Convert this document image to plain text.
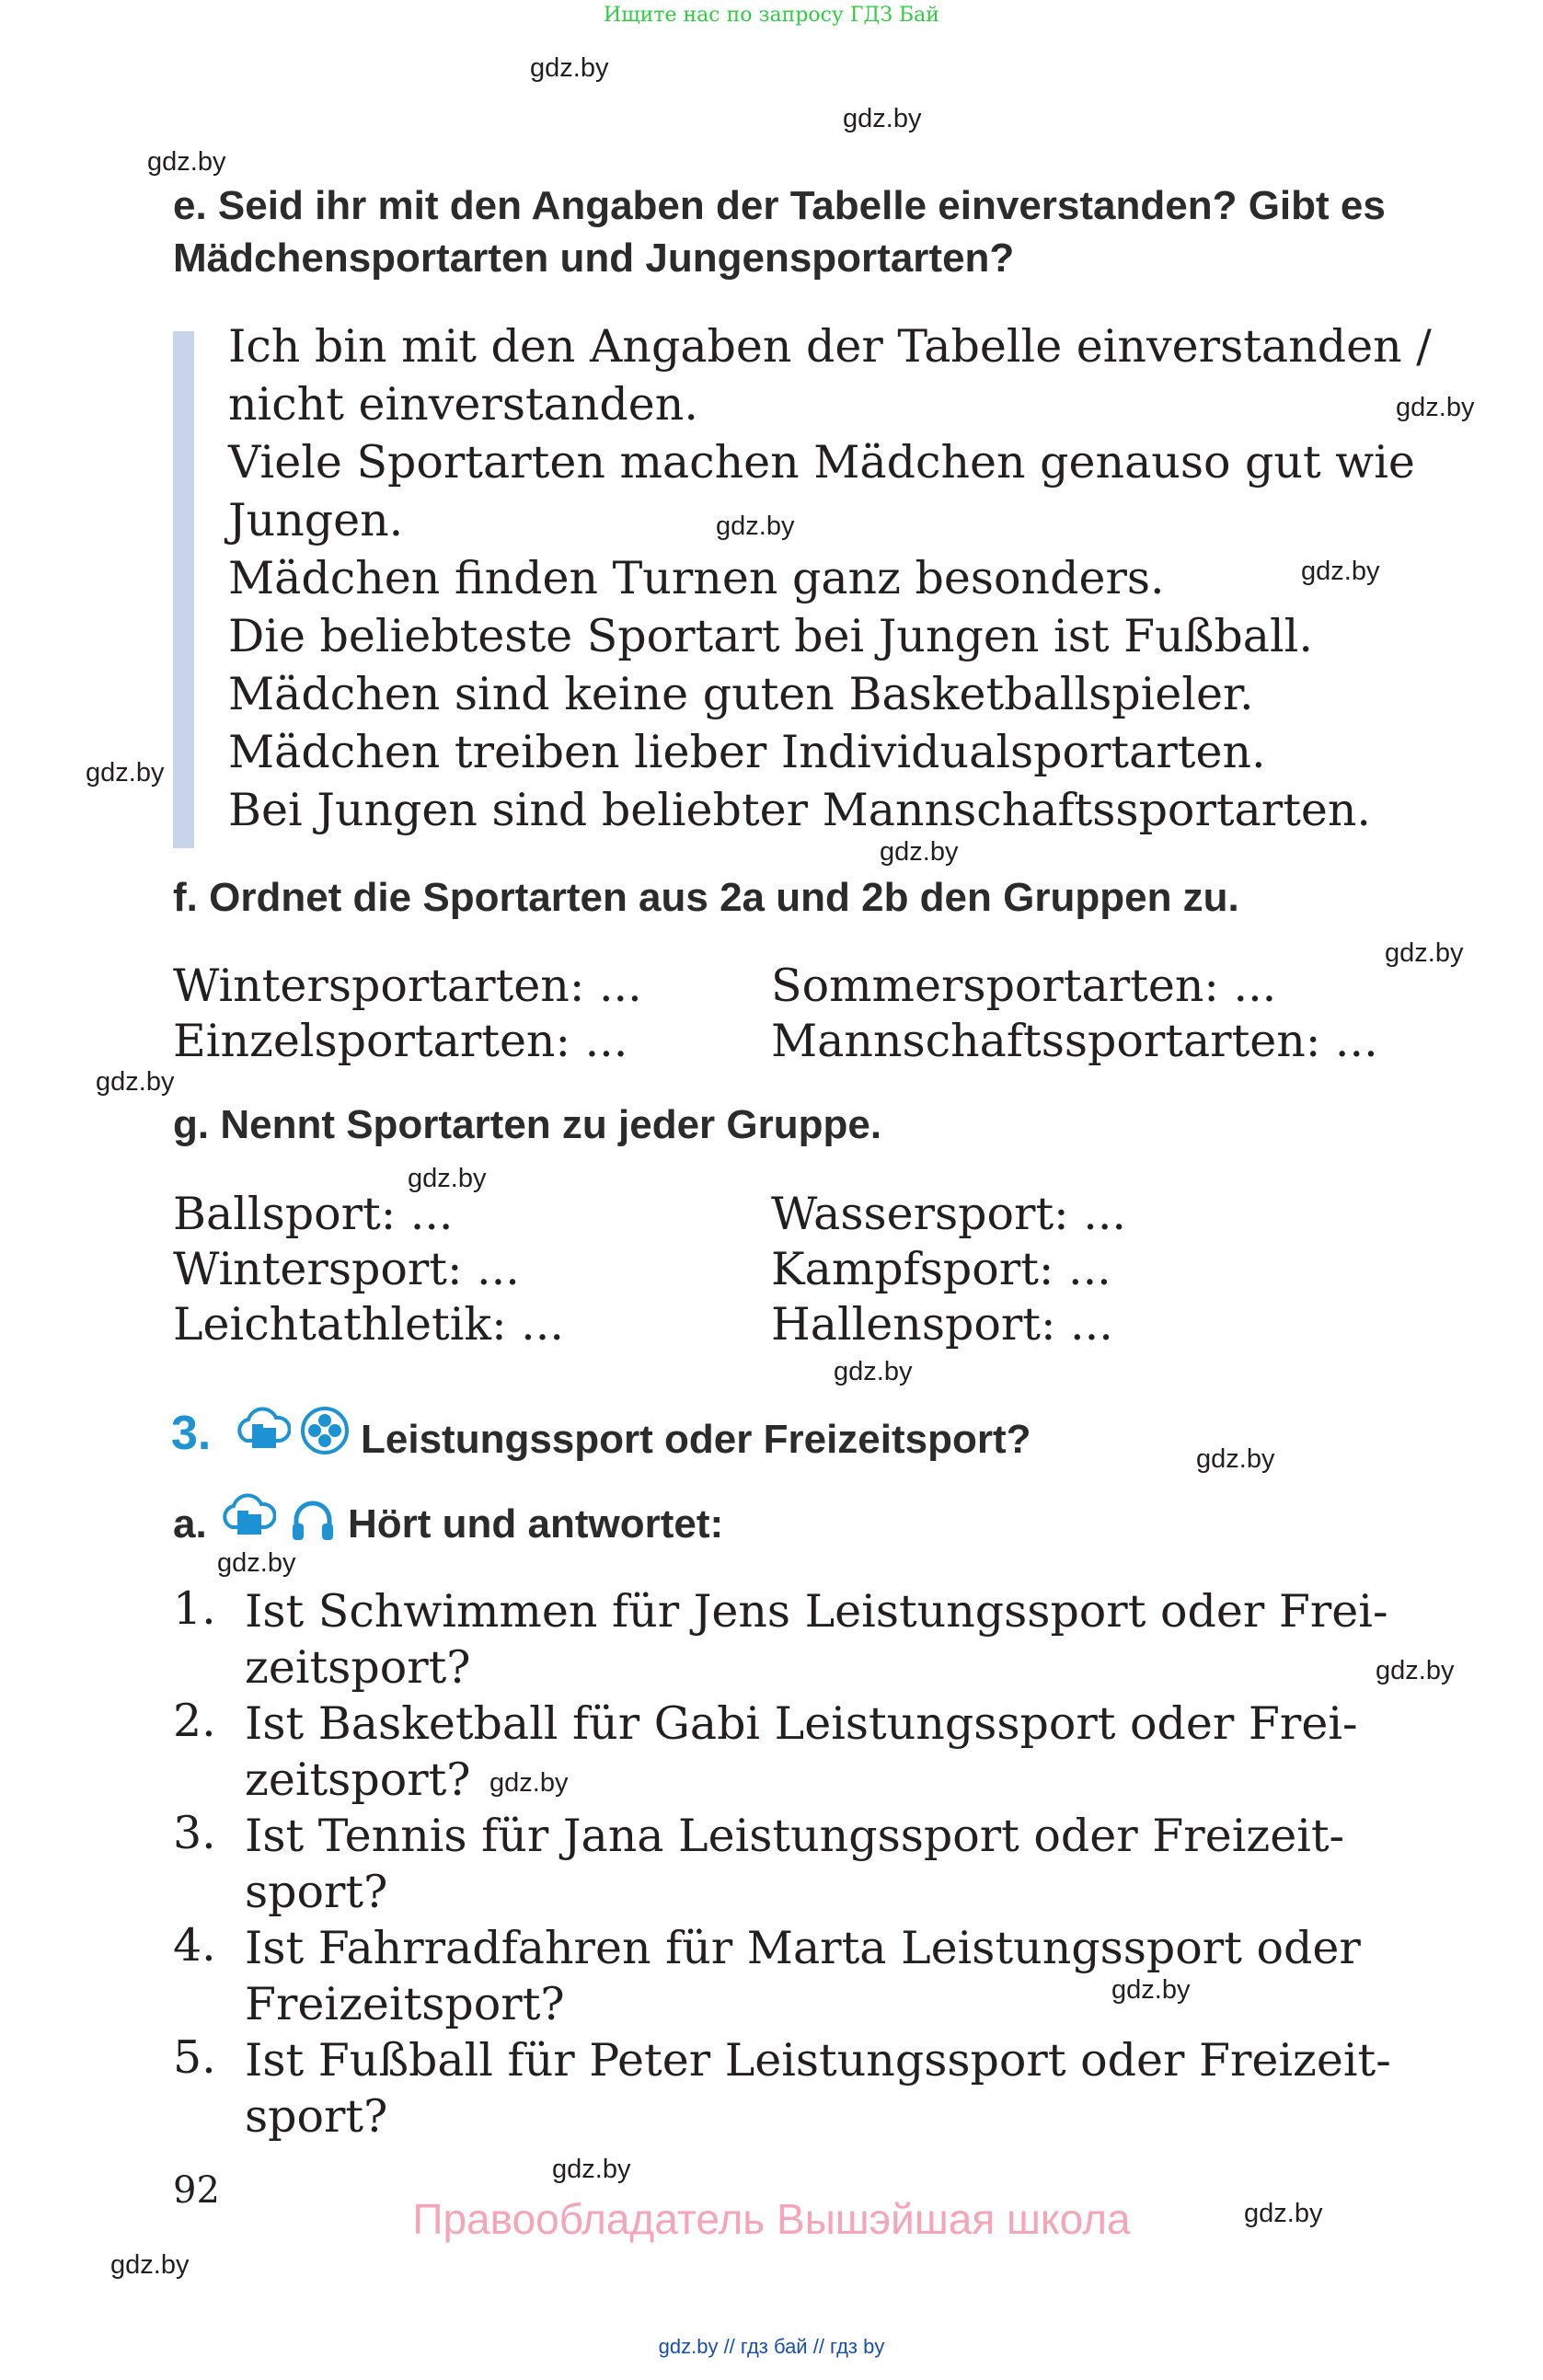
Ищите нас по запросу ГДЗ Бай
gdz.by
gdz.by
gdz.by
gdz.by
gdz.by
gdz.by
gdz.by
gdz.by
gdz.by
gdz.by
gdz.by
gdz.by
gdz.by
gdz.by
gdz.by
gdz.by
gdz.by
gdz.by
gdz.by
gdz.by
e. Seid ihr mit den Angaben der Tabelle einverstanden? Gibt es Mädchensportarten und Jungensportarten?
Ich bin mit den Angaben der Tabelle einverstanden /
nicht einverstanden.
Viele Sportarten machen Mädchen genauso gut wie
Jungen.
Mädchen finden Turnen ganz besonders.
Die beliebteste Sportart bei Jungen ist Fußball.
Mädchen sind keine guten Basketballspieler.
Mädchen treiben lieber Individualsportarten.
Bei Jungen sind beliebter Mannschaftssportarten.
f. Ordnet die Sportarten aus 2a und 2b den Gruppen zu.
Wintersportarten: ...
Einzelsportarten: ...
Sommersportarten: ...
Mannschaftssportarten: ...
g. Nennt Sportarten zu jeder Gruppe.
Ballsport: ...
Wintersport: ...
Leichtathletik: ...
Wassersport: ...
Kampfsport: ...
Hallensport: ...
3.	Leistungssport oder Freizeitsport?
a.	Hört und antwortet:
1. Ist Schwimmen für Jens Leistungssport oder Frei-
zeitsport?
2. Ist Basketball für Gabi Leistungssport oder Frei-
zeitsport?
3. Ist Tennis für Jana Leistungssport oder Freizeit-
sport?
4. Ist Fahrradfahren für Marta Leistungssport oder
Freizeitsport?
5. Ist Fußball für Peter Leistungssport oder Freizeit-
sport?
92
Правообладатель Вышэйшая школа
gdz.by // гдз бай // гдз by
